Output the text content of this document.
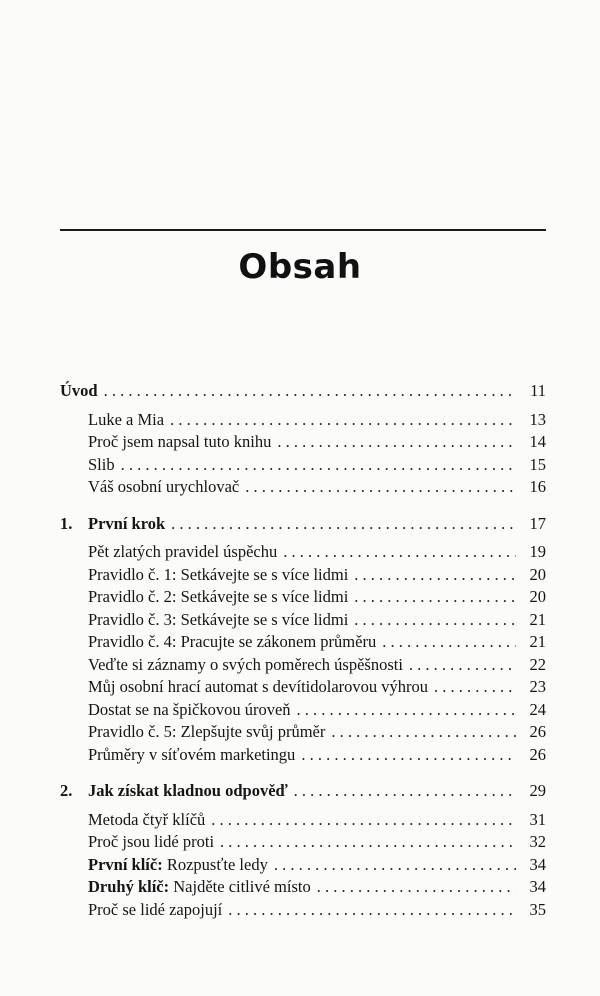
Obsah
Úvod . . .	11
Luke a Mia . . .	13
Proč jsem napsal tuto knihu . . .	14
Slib . . .	15
Váš osobní urychlovač . . .	16
1. První krok . . .	17
Pět zlatých pravidel úspěchu . . .	19
Pravidlo č. 1: Setkávejte se s více lidmi . . .	20
Pravidlo č. 2: Setkávejte se s více lidmi . . .	20
Pravidlo č. 3: Setkávejte se s více lidmi . . .	21
Pravidlo č. 4: Pracujte se zákonem průměru . . .	21
Veďte si záznamy o svých poměrech úspěšnosti . . .	22
Můj osobní hrací automat s devítidolarovou výhrou . . .	23
Dostat se na špičkovou úroveň . . .	24
Pravidlo č. 5: Zlepšujte svůj průměr . . .	26
Průměry v síťovém marketingu . . .	26
2. Jak získat kladnou odpověď . . .	29
Metoda čtyř klíčů . . .	31
Proč jsou lidé proti . . .	32
První klíč: Rozpusťte ledy . . .	34
Druhý klíč: Najděte citlivé místo . . .	34
Proč se lidé zapojují . . .	35
